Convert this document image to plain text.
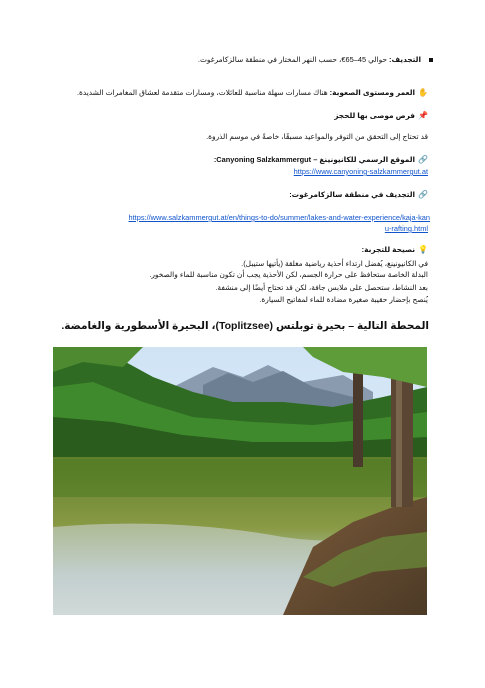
التجديف: حوالي 45–65€، حسب النهر المختار في منطقة سالزكامرغوت.
✋العمر ومستوى الصعوبة: هناك مسارات سهلة مناسبة للعائلات، ومسارات متقدمة لعشاق المغامرات الشديدة.
📌فرص موصى بها للحجز
قد تحتاج إلى التحقق من التوفر والمواعيد مسبقًا، خاصةً في موسم الذروة.
🔗الموقع الرسمي للكانيونينغ – Canyoning Salzkammergut:
https://www.canyoning-salzkammergut.at
🔗التجديف في منطقة سالزكامرغوت:
https://www.salzkammergut.at/en/things-to-do/summer/lakes-and-water-experience/kaja-kan
u-rafting.html
💡نصيحة للتجربة:
في الكانيونينغ، يُفضل ارتداء أحذية رياضية مغلقة (يأتيها ستيبل).
البدلة الخاصة ستحافظ على حرارة الجسم، لكن الأحذية يجب أن تكون مناسبة للماء والصخور.
بعد النشاط، ستحصل على ملابس جافة، لكن قد تحتاج أيضًا إلى منشفة.
يُنصح بإحضار حقيبة صغيرة مضادة للماء لمفاتيح السيارة.
المحطة التالية – بحيرة توبلتس (Toplitzsee)، البحيرة الأسطورية والغامضة.
